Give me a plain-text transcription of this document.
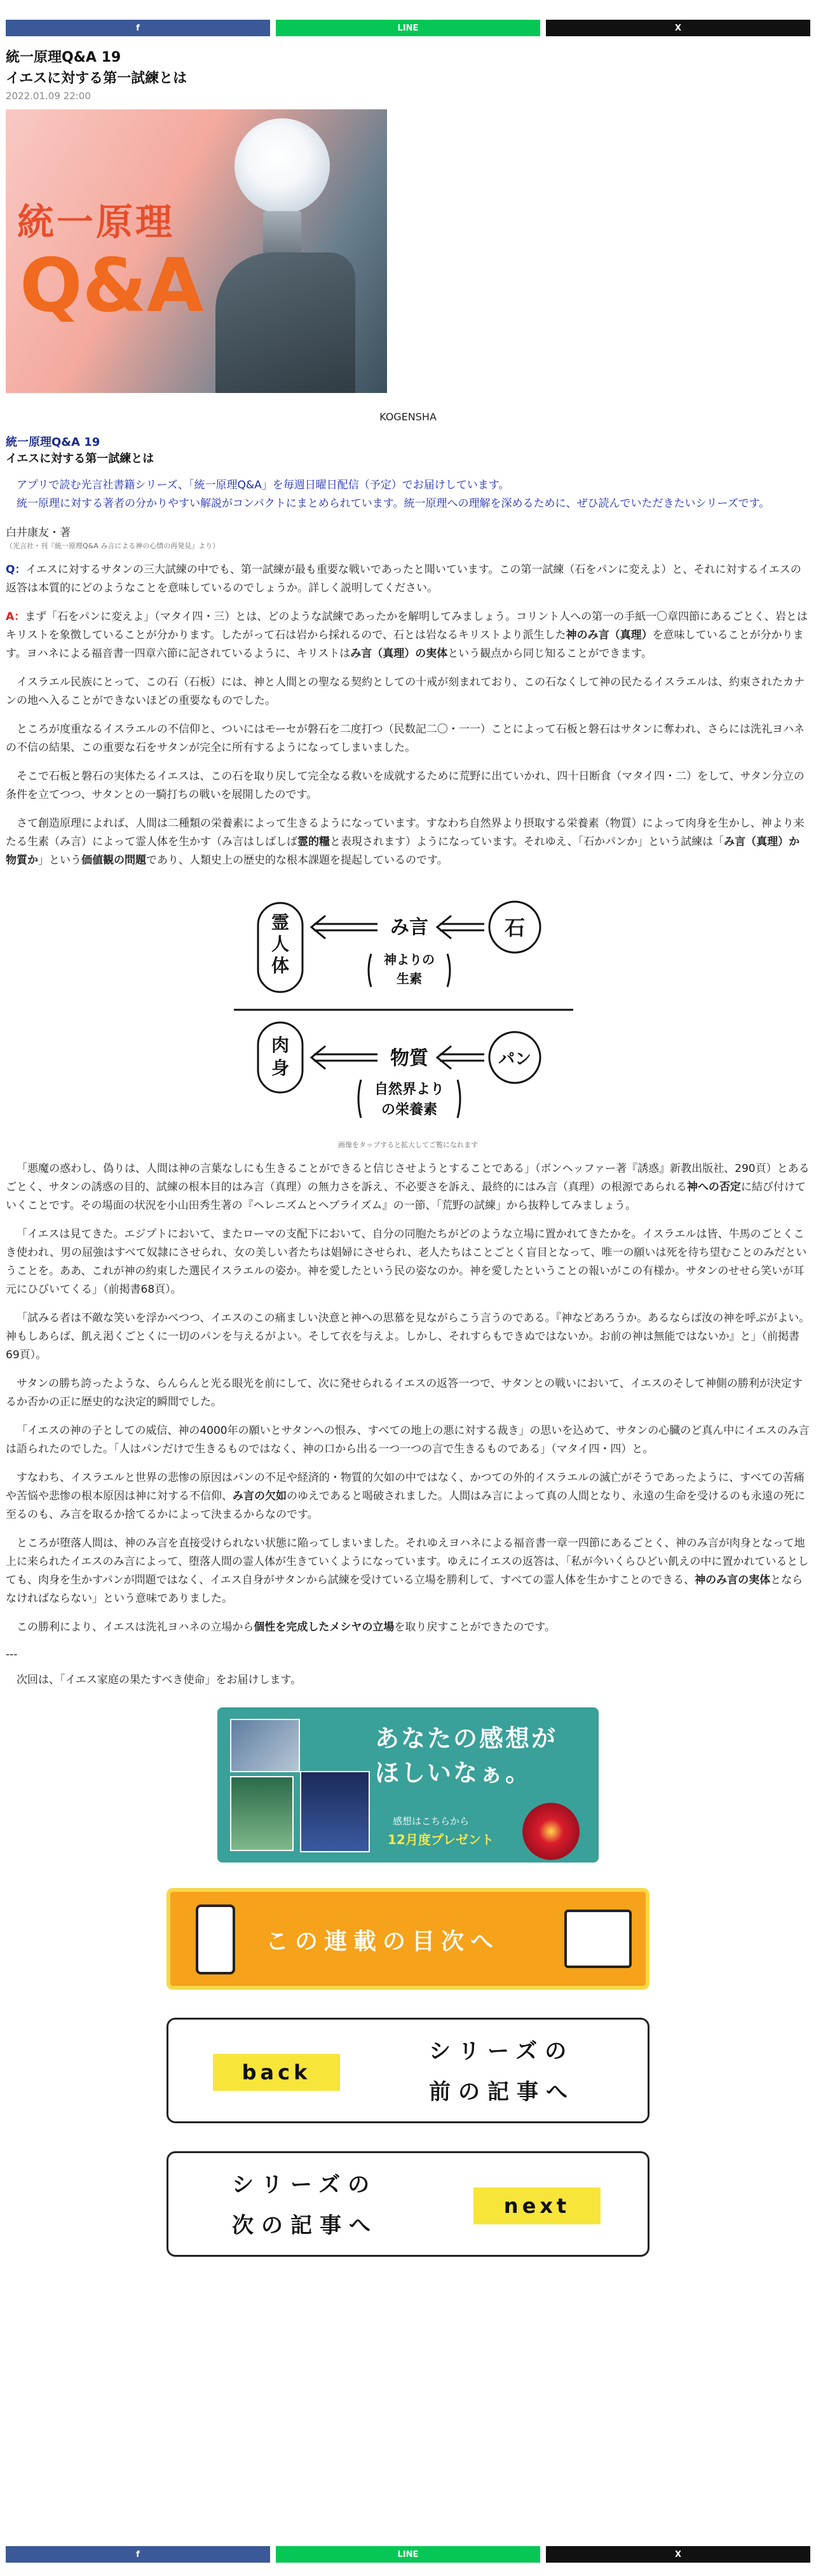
f	LINE	X
統一原理Q&A 19
イエスに対する第一試練とは
2022.01.09 22:00
統一原理
Q&A
KOGENSHA
統一原理Q&A 19
イエスに対する第一試練とは

アプリで読む光言社書籍シリーズ、「統一原理Q&A」を毎週日曜日配信（予定）でお届けしています。

統一原理に対する著者の分かりやすい解説がコンパクトにまとめられています。統一原理への理解を深めるために、ぜひ読んでいただきたいシリーズです。

白井康友・著
（光言社・刊『統一原理Q&A み言による神の心情の再発見』より）

Q：イエスに対するサタンの三大試練の中でも、第一試練が最も重要な戦いであったと聞いています。この第一試練（石をパンに変えよ）と、それに対するイエスの返答は本質的にどのようなことを意味しているのでしょうか。詳しく説明してください。

A：まず「石をパンに変えよ」（マタイ四・三）とは、どのような試練であったかを解明してみましょう。コリント人への第一の手紙一〇章四節にあるごとく、岩とはキリストを象徴していることが分かります。したがって石は岩から採れるので、石とは岩なるキリストより派生した神のみ言（真理）を意味していることが分かります。ヨハネによる福音書一四章六節に記されているように、キリストはみ言（真理）の実体という観点から同じ知ることができます。

イスラエル民族にとって、この石（石板）には、神と人間との聖なる契約としての十戒が刻まれており、この石なくして神の民たるイスラエルは、約束されたカナンの地へ入ることができないほどの重要なものでした。

ところが度重なるイスラエルの不信仰と、ついにはモーセが磐石を二度打つ（民数記二〇・一一）ことによって石板と磐石はサタンに奪われ、さらには洗礼ヨハネの不信の結果、この重要な石をサタンが完全に所有するようになってしまいました。

そこで石板と磐石の実体たるイエスは、この石を取り戻して完全なる救いを成就するために荒野に出ていかれ、四十日断食（マタイ四・二）をして、サタン分立の条件を立てつつ、サタンとの一騎打ちの戦いを展開したのです。

さて創造原理によれば、人間は二種類の栄養素によって生きるようになっています。すなわち自然界より摂取する栄養素（物質）によって肉身を生かし、神より来たる生素（み言）によって霊人体を生かす（み言はしばしば霊的糧と表現されます）ようになっています。それゆえ、「石かパンか」という試練は「み言（真理）か物質か」という価値観の問題であり、人類史上の歴史的な根本課題を提起しているのです。

霊人体
み言	石
神よりの
生素
肉身	物質	パン
自然界より
の栄養素
画像をタップすると拡大してご覧になれます

「悪魔の惑わし、偽りは、人間は神の言葉なしにも生きることができると信じさせようとすることである」（ボンヘッファー著『誘惑』新教出版社、290頁）とあるごとく、サタンの誘惑の目的、試練の根本目的はみ言（真理）の無力さを訴え、不必要さを訴え、最終的にはみ言（真理）の根源であられる神への否定に結び付けていくことです。その場面の状況を小山田秀生著の『ヘレニズムとヘブライズム』の一節、「荒野の試練」から抜粋してみましょう。

「イエスは見てきた。エジプトにおいて、またローマの支配下において、自分の同胞たちがどのような立場に置かれてきたかを。イスラエルは皆、牛馬のごとくこき使われ、男の屈強はすべて奴隷にさせられ、女の美しい者たちは娼婦にさせられ、老人たちはことごとく盲目となって、唯一の願いは死を待ち望むことのみだということを。ああ、これが神の約束した選民イスラエルの姿か。神を愛したという民の姿なのか。神を愛したということの報いがこの有様か。サタンのせせら笑いが耳元にひびいてくる」（前掲書68頁）。

「試みる者は不敵な笑いを浮かべつつ、イエスのこの痛ましい決意と神への思慕を見ながらこう言うのである。『神などあろうか。あるならば汝の神を呼ぶがよい。神もしあらば、飢え渇くごとくに一切のパンを与えるがよい。そして衣を与えよ。しかし、それすらもできぬではないか。お前の神は無能ではないか』と」（前掲書69頁）。

サタンの勝ち誇ったような、らんらんと光る眼光を前にして、次に発せられるイエスの返答一つで、サタンとの戦いにおいて、イエスのそして神側の勝利が決定するか否かの正に歴史的な決定的瞬間でした。

「イエスの神の子としての威信、神の4000年の願いとサタンへの恨み、すべての地上の悪に対する裁き」の思いを込めて、サタンの心臓のど真ん中にイエスのみ言は語られたのでした。「人はパンだけで生きるものではなく、神の口から出る一つ一つの言で生きるものである」（マタイ四・四）と。

すなわち、イスラエルと世界の悲惨の原因はパンの不足や経済的・物質的欠如の中ではなく、かつての外的イスラエルの滅亡がそうであったように、すべての苦痛や苦悩や悲惨の根本原因は神に対する不信仰、み言の欠如のゆえであると喝破されました。人間はみ言によって真の人間となり、永遠の生命を受けるのも永遠の死に至るのも、み言を取るか捨てるかによって決まるからなのです。

ところが堕落人間は、神のみ言を直接受けられない状態に陥ってしまいました。それゆえヨハネによる福音書一章一四節にあるごとく、神のみ言が肉身となって地上に来られたイエスのみ言によって、堕落人間の霊人体が生きていくようになっています。ゆえにイエスの返答は、「私が今いくらひどい飢えの中に置かれているとしても、肉身を生かすパンが問題ではなく、イエス自身がサタンから試練を受けている立場を勝利して、すべての霊人体を生かすことのできる、神のみ言の実体とならなければならない」という意味でありました。

この勝利により、イエスは洗礼ヨハネの立場から個性を完成したメシヤの立場を取り戻すことができたのです。

---

次回は、「イエス家庭の果たすべき使命」をお届けします。

あなたの感想が
ほしいなぁ。
感想はこちらから
12月度プレゼント
この連載の目次へ
back
シリーズの
前の記事へ
シリーズの
次の記事へ
next
f	LINE	X
